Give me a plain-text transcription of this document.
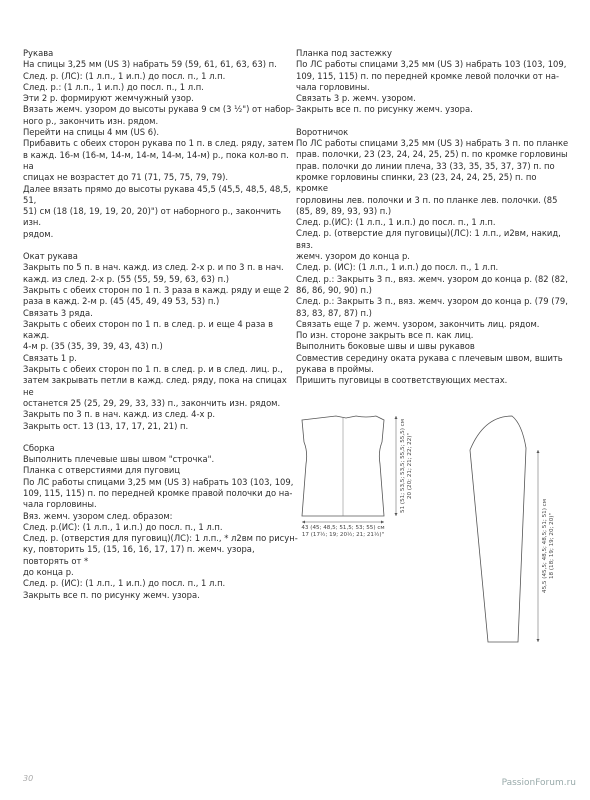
Рукава

На спицы 3,25 мм (US 3) набрать 59 (59, 61, 61, 63, 63) п.

След. р. (ЛС): (1 л.п., 1 и.п.) до посл. п., 1 л.п.

След. р.: (1 л.п., 1 и.п.) до посл. п., 1 л.п.

Эти 2 р. формируют жемчужный узор.

Вязать жемч. узором до высоты рукава 9 см (3 ½") от набор-

ного р., закончить изн. рядом.

Перейти на спицы 4 мм (US 6).

Прибавить с обеих сторон рукава по 1 п. в след. ряду, затем

в кажд. 16-м (16-м, 14-м, 14-м, 14-м, 14-м) р., пока кол-во п. на

спицах не возрастет до 71 (71, 75, 75, 79, 79).

Далее вязать прямо до высоты рукава 45,5 (45,5, 48,5, 48,5, 51,

51) см (18 (18, 19, 19, 20, 20)") от наборного р., закончить изн.

рядом.

Окат рукава

Закрыть по 5 п. в нач. кажд. из след. 2-х р. и по 3 п. в нач.

кажд. из след. 2-х р. (55 (55, 59, 59, 63, 63) п.)

Закрыть с обеих сторон по 1 п. 3 раза в кажд. ряду и еще 2

раза в кажд. 2-м р. (45 (45, 49, 49 53, 53) п.)

Связать 3 ряда.

Закрыть с обеих сторон по 1 п. в след. р. и еще 4 раза в кажд.

4-м р. (35 (35, 39, 39, 43, 43) п.)

Связать 1 р.

Закрыть с обеих сторон по 1 п. в след. р. и в след. лиц. р.,

затем закрывать петли в кажд. след. ряду, пока на спицах не

останется 25 (25, 29, 29, 33, 33) п., закончить изн. рядом.

Закрыть по 3 п. в нач. кажд. из след. 4-х р.

Закрыть ост. 13 (13, 17, 17, 21, 21) п.

Сборка

Выполнить плечевые швы швом "строчка".

Планка с отверстиями для пуговиц

По ЛС работы спицами 3,25 мм (US 3) набрать 103 (103, 109,

109, 115, 115) п. по передней кромке правой полочки до на-

чала горловины.

Вяз. жемч. узором след. образом:

След. р.(ИС): (1 л.п., 1 и.п.) до посл. п., 1 л.п.

След. р. (отверстия для пуговиц)(ЛС): 1 л.п., * л2вм по рисун-

ку, повторить 15, (15, 16, 16, 17, 17) п. жемч. узора, повторять от *

до конца р.

След. р. (ИС): (1 л.п., 1 и.п.) до посл. п., 1 л.п.

Закрыть все п. по рисунку жемч. узора.

Планка под застежку

По ЛС работы спицами 3,25 мм (US 3) набрать 103 (103, 109,

109, 115, 115) п. по передней кромке левой полочки от на-

чала горловины.

Связать 3 р. жемч. узором.

Закрыть все п. по рисунку жемч. узора.

Воротничок

По ЛС работы спицами 3,25 мм (US 3) набрать 3 п. по планке

прав. полочки, 23 (23, 24, 24, 25, 25) п. по кромке горловины

прав. полочки до линии плеча, 33 (33, 35, 35, 37, 37) п. по

кромке горловины спинки, 23 (23, 24, 24, 25, 25) п. по кромке

горловины лев. полочки и 3 п. по планке лев. полочки. (85

(85, 89, 89, 93, 93) п.)

След. р.(ИС): (1 л.п., 1 и.п.) до посл. п., 1 л.п.

След. р. (отверстие для пуговицы)(ЛС): 1 л.п., и2вм, накид, вяз.

жемч. узором до конца р.

След. р. (ИС): (1 л.п., 1 и.п.) до посл. п., 1 л.п.

След. р.: Закрыть 3 п., вяз. жемч. узором до конца р. (82 (82,

86, 86, 90, 90) п.)

След. р.: Закрыть 3 п., вяз. жемч. узором до конца р. (79 (79,

83, 83, 87, 87) п.)

Связать еще 7 р. жемч. узором, закончить лиц. рядом.

По изн. стороне закрыть все п. как лиц.

Выполнить боковые швы и швы рукавов

Совместив середину оката рукава с плечевым швом, вшить

рукава в проймы.

Пришить пуговицы в соответствующих местах.

43 (45; 48,5; 51,5; 53; 55) см
17 (17½; 19; 20½; 21; 21½)"
51 (51; 53,5; 53,5; 55,5; 55,5) см 20 (20; 21; 21; 22; 22)"
45,5 (45,5; 48,5; 48,5; 51; 51) см 18 (18; 19; 19; 20; 20)"
30	PassionForum.ru
